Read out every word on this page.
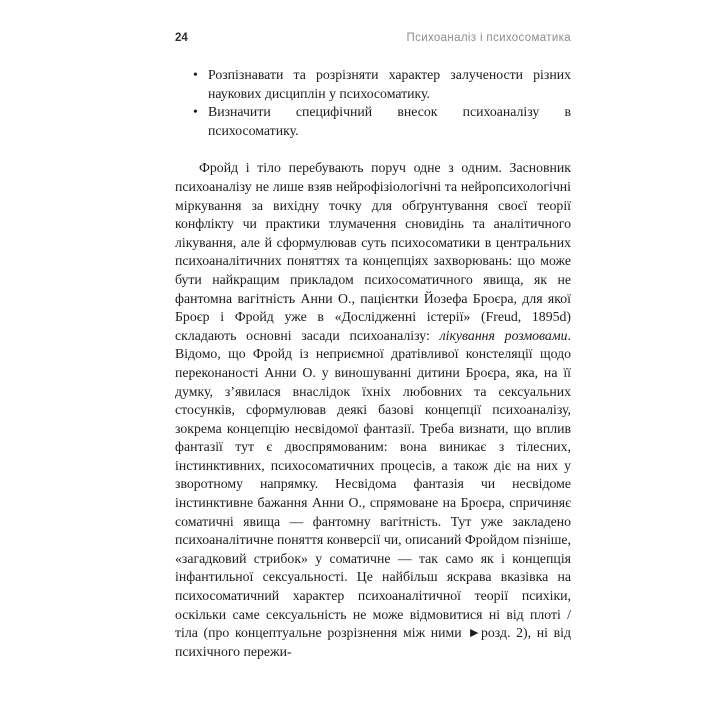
24	Психоаналіз і психосоматика
• Розпізнавати та розрізняти характер залучености різних наукових дисциплін у психосоматику.
• Визначити специфічний внесок психоаналізу в психосоматику.

Фройд і тіло перебувають поруч одне з одним. Засновник психоаналізу не лише взяв нейрофізіологічні та нейропсихологічні міркування за вихідну точку для обґрунтування своєї теорії конфлікту чи практики тлумачення сновидінь та аналітичного лікування, але й сформулював суть психосоматики в центральних психоаналітичних поняттях та концепціях захворювань: що може бути найкращим прикладом психосоматичного явища, як не фантомна вагітність Анни О., пацієнтки Йозефа Броєра, для якої Броєр і Фройд уже в «Дослідженні істерії» (Freud, 1895d) складають основні засади психоаналізу: лікування розмовами. Відомо, що Фройд із неприємної дратівливої констеляції щодо переконаності Анни О. у виношуванні дитини Броєра, яка, на її думку, з’явилася внаслідок їхніх любовних та сексуальних стосунків, сформулював деякі базові концепції психоаналізу, зокрема концепцію несвідомої фантазії. Треба визнати, що вплив фантазії тут є двоспрямованим: вона виникає з тілесних, інстинктивних, психосоматичних процесів, а також діє на них у зворотному напрямку. Несвідома фантазія чи несвідоме інстинктивне бажання Анни О., спрямоване на Броєра, спричиняє соматичні явища — фантомну вагітність. Тут уже закладено психоаналітичне поняття конверсії чи, описаний Фройдом пізніше, «загадковий стрибок» у соматичне — так само як і концепція інфантильної сексуальності. Це найбільш яскрава вказівка на психосоматичний характер психоаналітичної теорії психіки, оскільки саме сексуальність не може відмовитися ні від плоті / тіла (про концептуальне розрізнення між ними ►розд. 2), ні від психічного пережи-
